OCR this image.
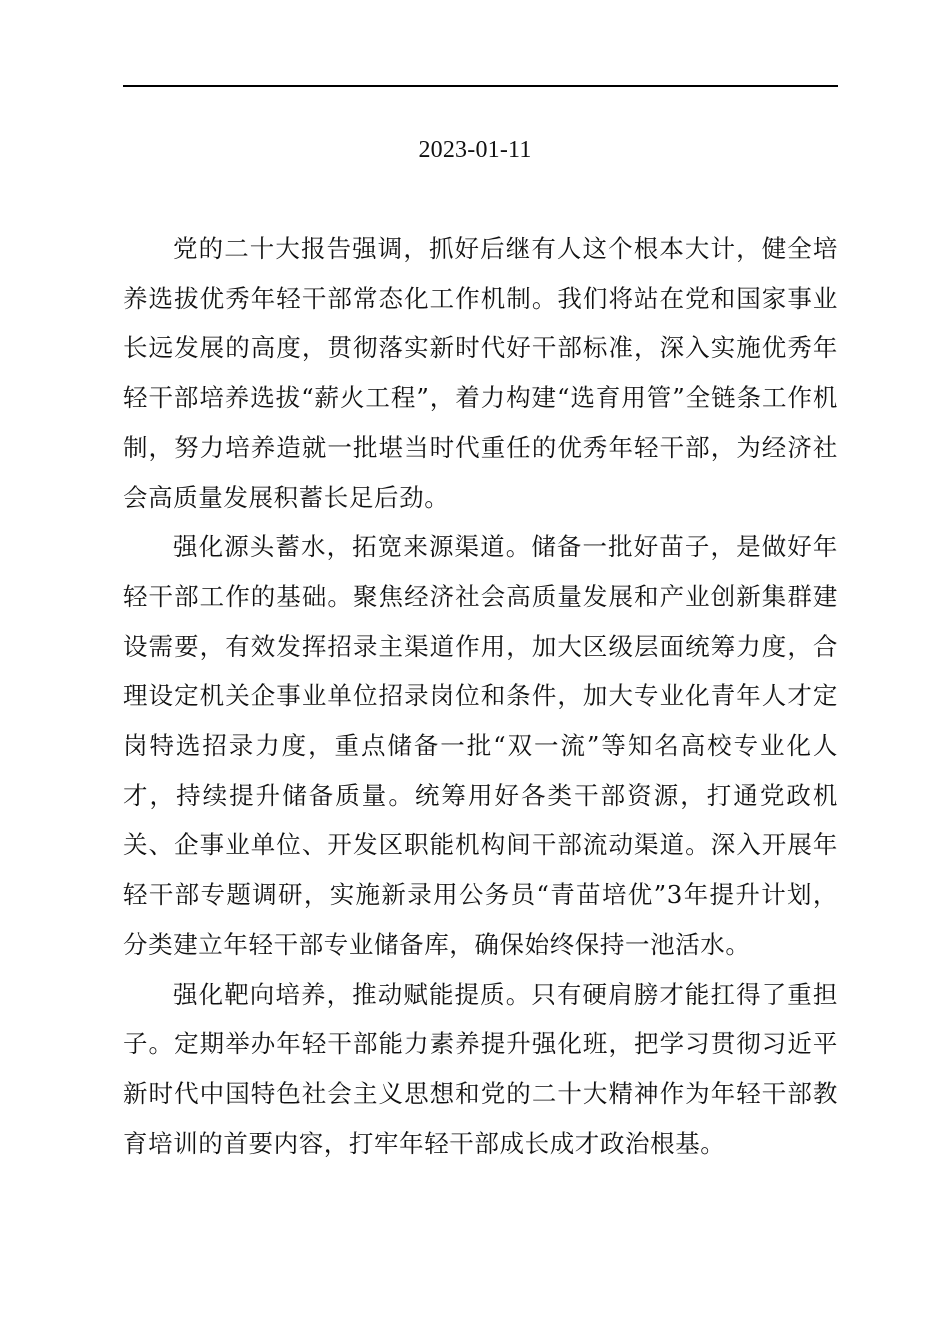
2023-01-11

党的二十大报告强调，抓好后继有人这个根本大计，健全培养选拔优秀年轻干部常态化工作机制。我们将站在党和国家事业长远发展的高度，贯彻落实新时代好干部标准，深入实施优秀年轻干部培养选拔“薪火工程”，着力构建“选育用管”全链条工作机制，努力培养造就一批堪当时代重任的优秀年轻干部，为经济社会高质量发展积蓄长足后劲。

强化源头蓄水，拓宽来源渠道。储备一批好苗子，是做好年轻干部工作的基础。聚焦经济社会高质量发展和产业创新集群建设需要，有效发挥招录主渠道作用，加大区级层面统筹力度，合理设定机关企事业单位招录岗位和条件，加大专业化青年人才定岗特选招录力度，重点储备一批“双一流”等知名高校专业化人才，持续提升储备质量。统筹用好各类干部资源，打通党政机关、企事业单位、开发区职能机构间干部流动渠道。深入开展年轻干部专题调研，实施新录用公务员“青苗培优”3年提升计划，分类建立年轻干部专业储备库，确保始终保持一池活水。

强化靶向培养，推动赋能提质。只有硬肩膀才能扛得了重担子。定期举办年轻干部能力素养提升强化班，把学习贯彻习近平新时代中国特色社会主义思想和党的二十大精神作为年轻干部教育培训的首要内容，打牢年轻干部成长成才政治根基。
